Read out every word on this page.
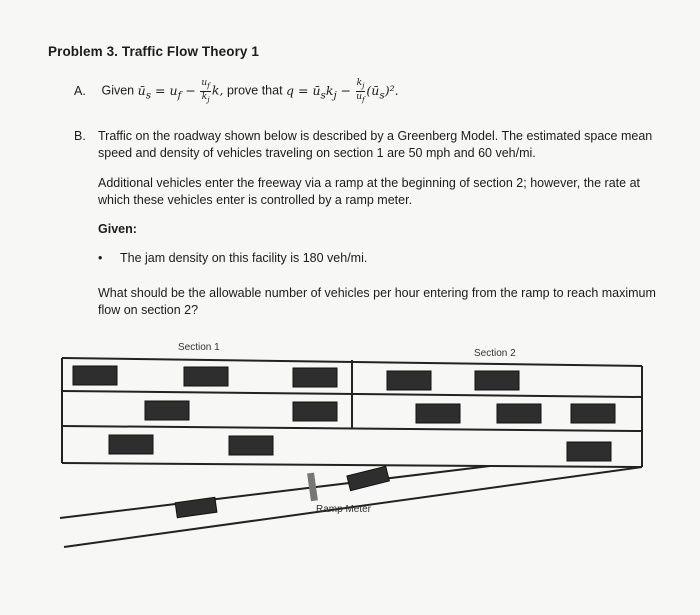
Problem 3. Traffic Flow Theory 1
A. Given $ū_s = u_f - \frac{u_f}{k_j} k$, prove that $q = ū_sk_j - \frac{k_j}{u_f}$ $(ū_s)^2$.
B. Traffic on the roadway shown below is described by a Greenberg Model. The estimated space mean speed and density of vehicles traveling on section 1 are 50 mph and 60 veh/mi.
Additional vehicles enter the freeway via a ramp at the beginning of section 2; however, the rate at which these vehicles enter is controlled by a ramp meter.
Given:
• The jam density on this facility is 180 veh/mi.
What should be the allowable number of vehicles per hour entering from the ramp to reach maximum flow on section 2?
Section 1
Section 2
Ramp Meter
